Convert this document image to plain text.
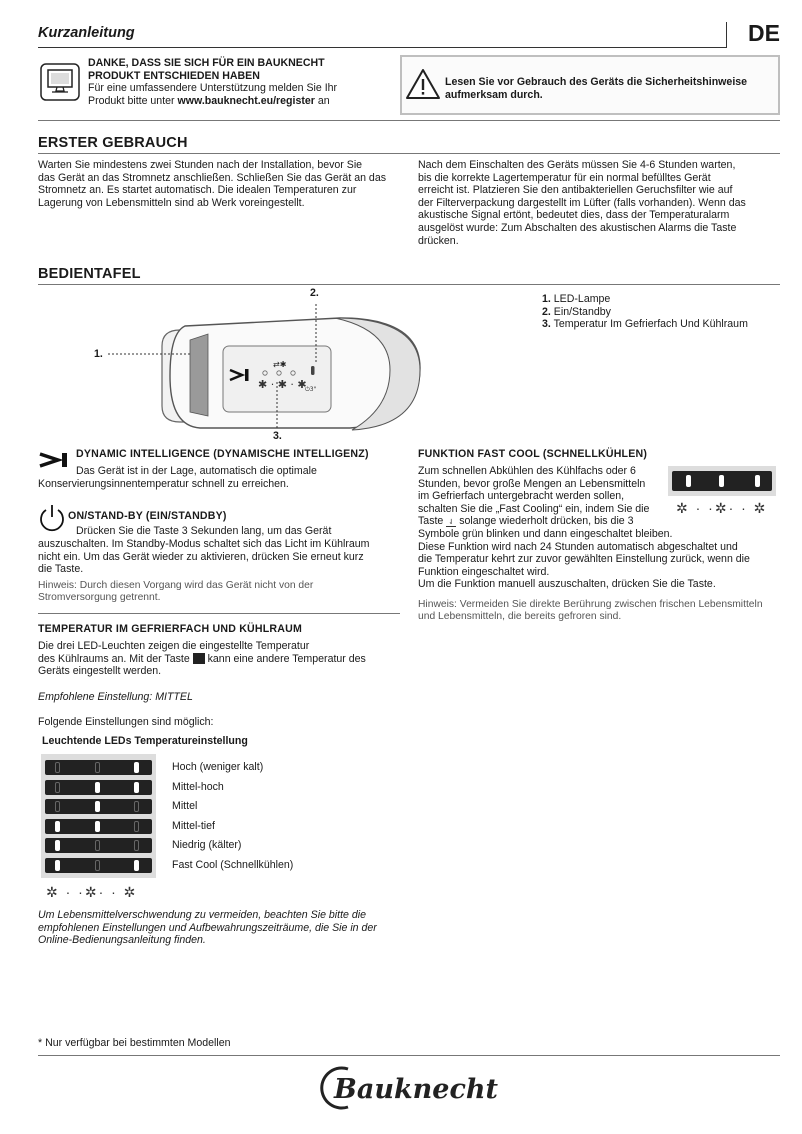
Kurzanleitung	DE
DANKE, DASS SIE SICH FÜR EIN BAUKNECHT
PRODUKT ENTSCHIEDEN HABEN
Für eine umfassendere Unterstützung melden Sie Ihr
Produkt bitte unter www.bauknecht.eu/register an
Lesen Sie vor Gebrauch des Geräts die Sicherheitshinweise
aufmerksam durch.
ERSTER GEBRAUCH
Warten Sie mindestens zwei Stunden nach der Installation, bevor Sie
das Gerät an das Stromnetz anschließen. Schließen Sie das Gerät an das
Stromnetz an. Es startet automatisch. Die idealen Temperaturen zur
Lagerung von Lebensmitteln sind ab Werk voreingestellt.
Nach dem Einschalten des Geräts müssen Sie 4-6 Stunden warten,
bis die korrekte Lagertemperatur für ein normal befülltes Gerät
erreicht ist. Platzieren Sie den antibakteriellen Geruchsfilter wie auf
der Filterverpackung dargestellt im Lüfter (falls vorhanden). Wenn das
akustische Signal ertönt, bedeutet dies, dass der Temperaturalarm
ausgelöst wurde: Zum Abschalten des akustischen Alarms die Taste
drücken.
BEDIENTAFEL
⇄✱
✱ · ✱ · ✱
⏻3"
2.
1.
3.
1. LED-Lampe
2. Ein/Standby
3. Temperatur Im Gefrierfach Und Kühlraum
DYNAMIC INTELLIGENCE (DYNAMISCHE INTELLIGENZ)
Das Gerät ist in der Lage, automatisch die optimale
Konservierungsinnentemperatur schnell zu erreichen.
ON/STAND-BY (EIN/STANDBY)
Drücken Sie die Taste 3 Sekunden lang, um das Gerät
auszuschalten. Im Standby-Modus schaltet sich das Licht im Kühlraum
nicht ein. Um das Gerät wieder zu aktivieren, drücken Sie erneut kurz
die Taste.
Hinweis: Durch diesen Vorgang wird das Gerät nicht von der
Stromversorgung getrennt.
TEMPERATUR IM GEFRIERFACH UND KÜHLRAUM
Die drei LED-Leuchten zeigen die eingestellte Temperatur
des Kühlraums an. Mit der Taste  kann eine andere Temperatur des
Geräts eingestellt werden.
Empfohlene Einstellung: MITTEL
Folgende Einstellungen sind möglich:
Leuchtende LEDs Temperatureinstellung
Hoch (weniger kalt)
Mittel-hoch
Mittel
Mittel-tief
Niedrig (kälter)
Fast Cool (Schnellkühlen)
✲ · ·✲· · ✲
Um Lebensmittelverschwendung zu vermeiden, beachten Sie bitte die
empfohlenen Einstellungen und Aufbewahrungszeiträume, die Sie in der
Online-Bedienungsanleitung finden.
FUNKTION FAST COOL (SCHNELLKÜHLEN)
Zum schnellen Abkühlen des Kühlfachs oder 6
Stunden, bevor große Mengen an Lebensmitteln
im Gefrierfach untergebracht werden sollen,
schalten Sie die „Fast Cooling“ ein, indem Sie die
Taste ⇃ solange wiederholt drücken, bis die 3
Symbole grün blinken und dann eingeschaltet bleiben.
Diese Funktion wird nach 24 Stunden automatisch abgeschaltet und
die Temperatur kehrt zur zuvor gewählten Einstellung zurück, wenn die
Funktion eingeschaltet wird.
Um die Funktion manuell auszuschalten, drücken Sie die Taste.
Hinweis: Vermeiden Sie direkte Berührung zwischen frischen Lebensmitteln
und Lebensmitteln, die bereits gefroren sind.
✲ · ·✲· · ✲
* Nur verfügbar bei bestimmten Modellen
Bauknecht
